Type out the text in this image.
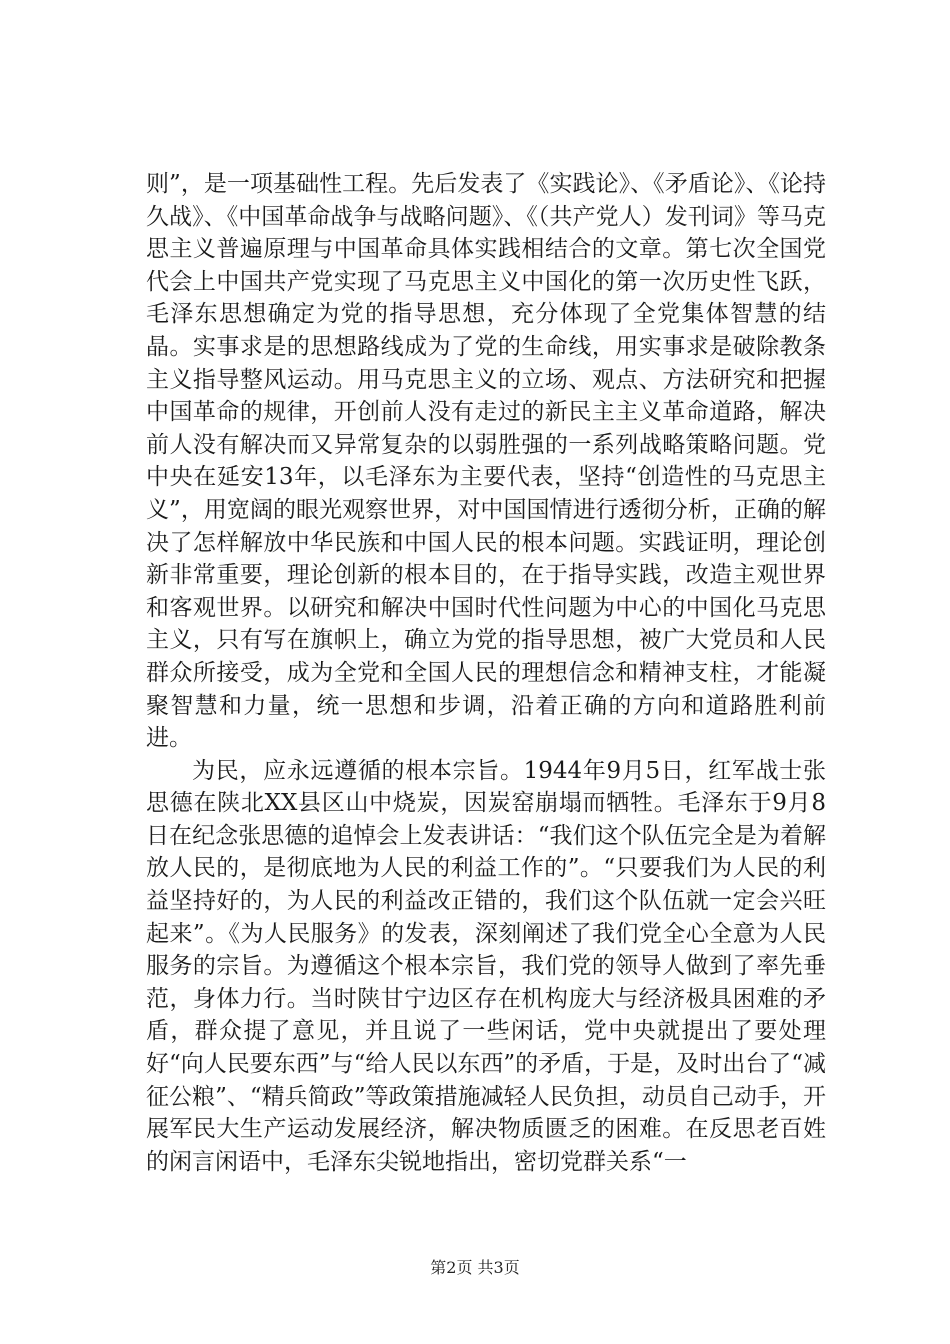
则”，是一项基础性工程。先后发表了《实践论》、《矛盾论》、《论持久战》、《中国革命战争与战略问题》、《（共产党人）发刊词》等马克思主义普遍原理与中国革命具体实践相结合的文章。第七次全国党代会上中国共产党实现了马克思主义中国化的第一次历史性飞跃，毛泽东思想确定为党的指导思想，充分体现了全党集体智慧的结晶。实事求是的思想路线成为了党的生命线，用实事求是破除教条主义指导整风运动。用马克思主义的立场、观点、方法研究和把握中国革命的规律，开创前人没有走过的新民主主义革命道路，解决前人没有解决而又异常复杂的以弱胜强的一系列战略策略问题。党中央在延安13年，以毛泽东为主要代表，坚持“创造性的马克思主义”，用宽阔的眼光观察世界，对中国国情进行透彻分析，正确的解决了怎样解放中华民族和中国人民的根本问题。实践证明，理论创新非常重要，理论创新的根本目的，在于指导实践，改造主观世界和客观世界。以研究和解决中国时代性问题为中心的中国化马克思主义，只有写在旗帜上，确立为党的指导思想，被广大党员和人民群众所接受，成为全党和全国人民的理想信念和精神支柱，才能凝聚智慧和力量，统一思想和步调，沿着正确的方向和道路胜利前进。

为民，应永远遵循的根本宗旨。1944年9月5日，红军战士张思德在陕北XX县区山中烧炭，因炭窑崩塌而牺牲。毛泽东于9月8日在纪念张思德的追悼会上发表讲话：“我们这个队伍完全是为着解放人民的，是彻底地为人民的利益工作的”。“只要我们为人民的利益坚持好的，为人民的利益改正错的，我们这个队伍就一定会兴旺起来”。《为人民服务》的发表，深刻阐述了我们党全心全意为人民服务的宗旨。为遵循这个根本宗旨，我们党的领导人做到了率先垂范，身体力行。当时陕甘宁边区存在机构庞大与经济极具困难的矛盾，群众提了意见，并且说了一些闲话，党中央就提出了要处理好“向人民要东西”与“给人民以东西”的矛盾，于是，及时出台了“减征公粮”、“精兵简政”等政策措施减轻人民负担，动员自己动手，开展军民大生产运动发展经济，解决物质匮乏的困难。在反思老百姓的闲言闲语中，毛泽东尖锐地指出，密切党群关系“一

第2页 共3页
